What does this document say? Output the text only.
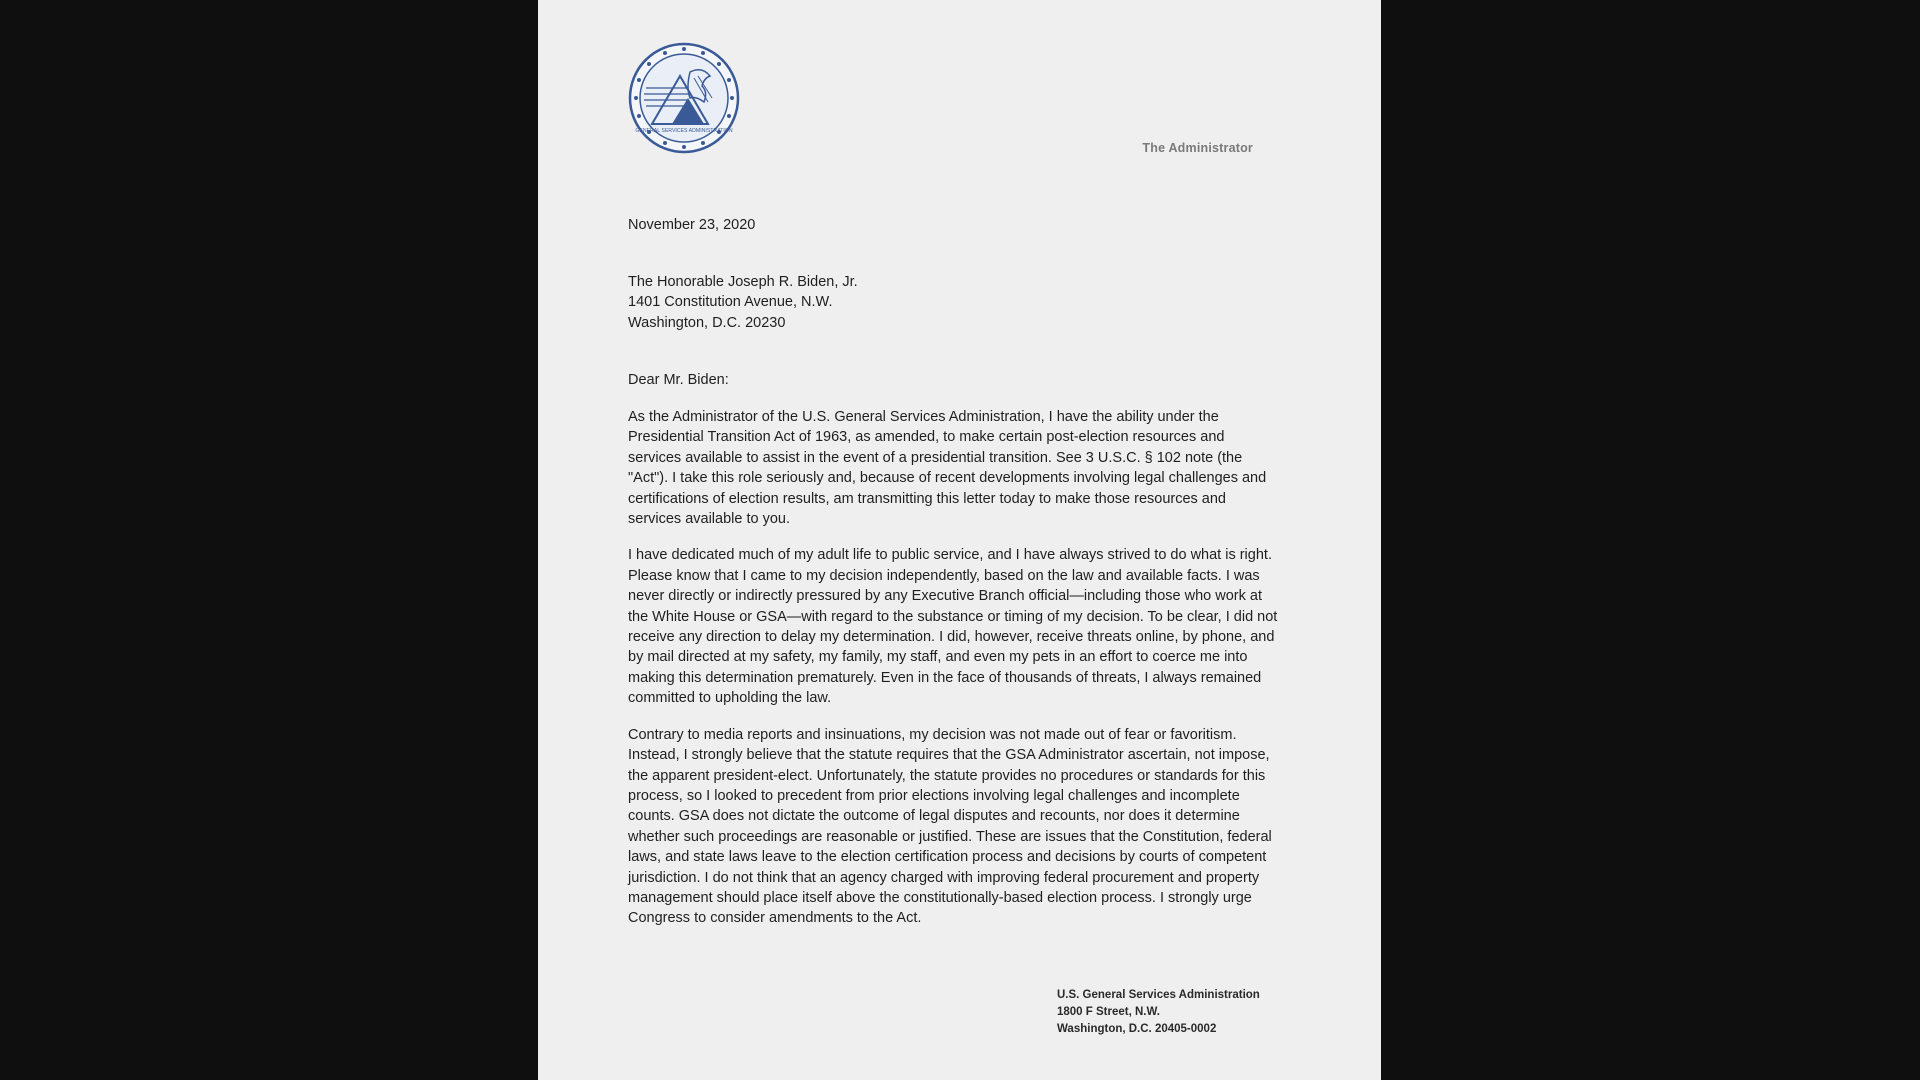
GENERAL SERVICES ADMINISTRATION
The Administrator
November 23, 2020
The Honorable Joseph R. Biden, Jr.
1401 Constitution Avenue, N.W.
Washington, D.C. 20230
Dear Mr. Biden:

As the Administrator of the U.S. General Services Administration, I have the ability under the Presidential Transition Act of 1963, as amended, to make certain post-election resources and services available to assist in the event of a presidential transition. See 3 U.S.C. § 102 note (the "Act"). I take this role seriously and, because of recent developments involving legal challenges and certifications of election results, am transmitting this letter today to make those resources and services available to you.

I have dedicated much of my adult life to public service, and I have always strived to do what is right. Please know that I came to my decision independently, based on the law and available facts. I was never directly or indirectly pressured by any Executive Branch official—including those who work at the White House or GSA—with regard to the substance or timing of my decision. To be clear, I did not receive any direction to delay my determination. I did, however, receive threats online, by phone, and by mail directed at my safety, my family, my staff, and even my pets in an effort to coerce me into making this determination prematurely. Even in the face of thousands of threats, I always remained committed to upholding the law.

Contrary to media reports and insinuations, my decision was not made out of fear or favoritism. Instead, I strongly believe that the statute requires that the GSA Administrator ascertain, not impose, the apparent president-elect. Unfortunately, the statute provides no procedures or standards for this process, so I looked to precedent from prior elections involving legal challenges and incomplete counts. GSA does not dictate the outcome of legal disputes and recounts, nor does it determine whether such proceedings are reasonable or justified. These are issues that the Constitution, federal laws, and state laws leave to the election certification process and decisions by courts of competent jurisdiction. I do not think that an agency charged with improving federal procurement and property management should place itself above the constitutionally-based election process. I strongly urge Congress to consider amendments to the Act.

U.S. General Services Administration
1800 F Street, N.W.
Washington, D.C. 20405-0002
